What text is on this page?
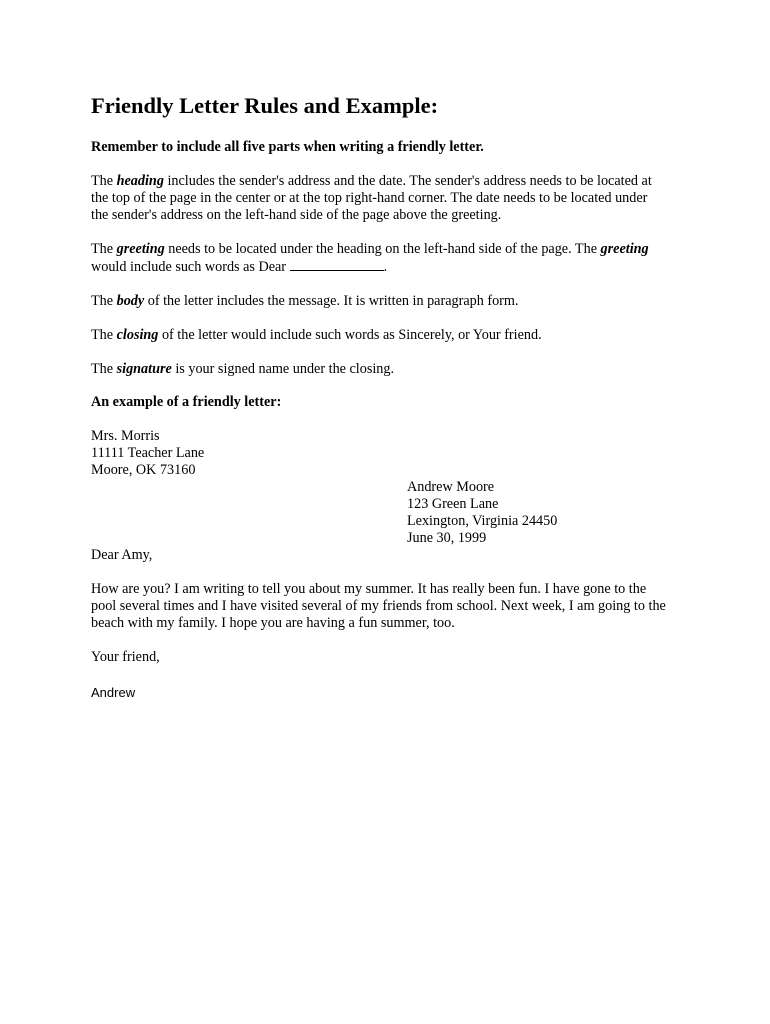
Friendly Letter Rules and Example:

Remember to include all five parts when writing a friendly letter.

The heading includes the sender's address and the date. The sender's address needs to be located at
the top of the page in the center or at the top right-hand corner. The date needs to be located under
the sender's address on the left-hand side of the page above the greeting.

The greeting needs to be located under the heading on the left-hand side of the page. The greeting
would include such words as Dear	.

The body of the letter includes the message. It is written in paragraph form.

The closing of the letter would include such words as Sincerely, or Your friend.

The signature is your signed name under the closing.

An example of a friendly letter:

Mrs. Morris
11111 Teacher Lane
Moore, OK 73160
Andrew Moore
123 Green Lane
Lexington, Virginia 24450
June 30, 1999

Dear Amy,

How are you? I am writing to tell you about my summer. It has really been fun. I have gone to the
pool several times and I have visited several of my friends from school. Next week, I am going to the
beach with my family. I hope you are having a fun summer, too.

Your friend,

Andrew
